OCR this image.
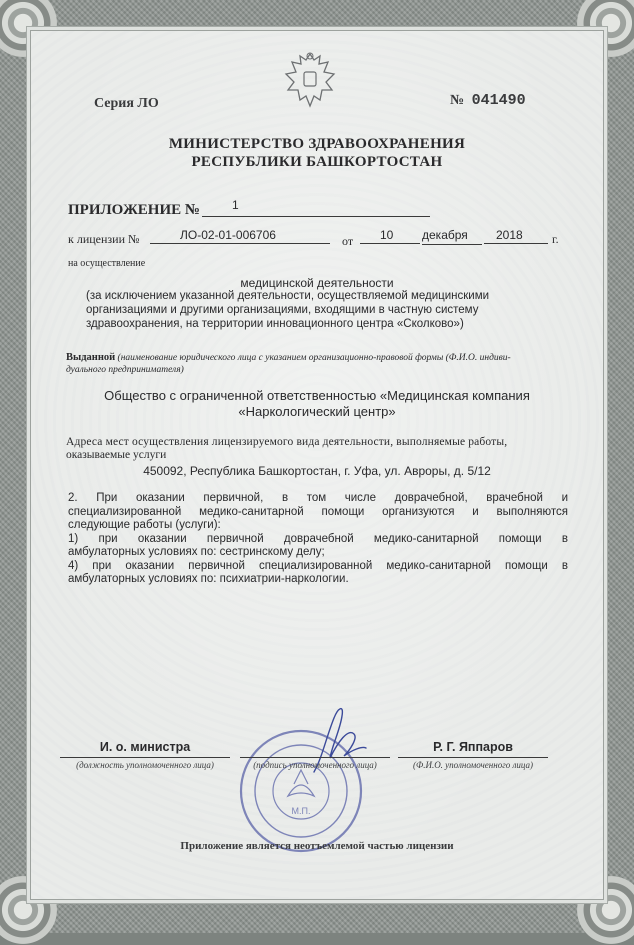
Серия ЛО	№ 041490
МИНИСТЕРСТВО ЗДРАВООХРАНЕНИЯ
РЕСПУБЛИКИ БАШКОРТОСТАН
ПРИЛОЖЕНИЕ №	1
к лицензии №	ЛО-02-01-006706	от	10	декабря	2018	г.
на осуществление
медицинской деятельности
(за исключением указанной деятельности, осуществляемой медицинскими
организациями и другими организациями, входящими в частную систему
здравоохранения, на территории инновационного центра «Сколково»)
Выданной (наименование юридического лица с указанием организационно-правовой формы (Ф.И.О. индиви-
дуального предпринимателя)
Общество с ограниченной ответственностью «Медицинская компания
«Наркологический центр»
Адреса мест осуществления лицензируемого вида деятельности, выполняемые работы,
оказываемые услуги
450092, Республика Башкортостан, г. Уфа, ул. Авроры, д. 5/12
2. При оказании первичной, в том числе доврачебной, врачебной и
специализированной медико-санитарной помощи организуются и выполняются
следующие работы (услуги):
1) при оказании первичной доврачебной медико-санитарной помощи в
амбулаторных условиях по: сестринскому делу;
4) при оказании первичной специализированной медико-санитарной помощи в
амбулаторных условиях по: психиатрии-наркологии.
М.П.
И. о. министра
(должность уполномоченного лица)	(подпись уполномоченного лица)
Р. Г. Яппаров
(Ф.И.О. уполномоченного лица)
Приложение является неотъемлемой частью лицензии
